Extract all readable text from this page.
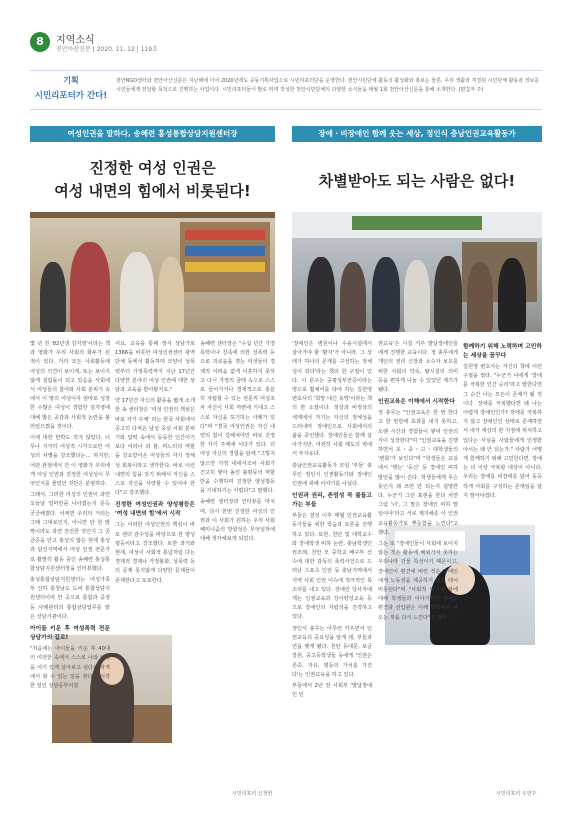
8	지역소식
천안아산신문 | 2020. 11. 12 | 119호
기획
시민리포터가 간다!
천안NGO센터와 천안아산신문은 지난해에 이어 2020년에도 공동기획사업으로 시민리포터단을 운영한다. 천안시민단체 활동의 활성화와 홍보는 물론, 우리 생활과 직결된 시민단체 활동과 정보를 시민들에게 전달할 목적으로 진행하는 사업이다. 시민리포터들이 발로 뛰며 작성한 천안시민단체의 다양한 소식들을 매월 1회 천안아산신문을 통해 소개한다. (편집자 주)
여성인권을 말하다, 송혜련 홍성통합상담지원센터장	장애・비장애인 함께 웃는 세상, 정인식 충남인권교육활동가
진정한 여성 인권은
여성 내면의 힘에서 비롯된다!
차별받아도 되는 사람은 없다!

몇 년 전 '82년생 김지영'이라는 책과 영화가 우리 사회의 화두가 된 적이 있다. 거의 모든 사회활동에 여성의 의견이 보이게, 또는 보이지 않게 걸림돌이 되고 있음을 사회에서 여성들의 참여와 사회 분위기 속에서 이 땅의 여성이자 엄마로 성장한 수많은 여성이 경험한 김지영에 대해 많은 공감과 사회적 논란을 불러일으켰을 것이다.

이에 대한 반박도 적지 않았다. 너무나 지극히 여성적 시각으로만 여성의 차별을 강조했다는… 하지만, 어떤 관점에서 건 이 영화가 우리에게 여성 인권과 진정한 여성성이 무엇인지를 물었던 것만은 분명하다.

그래서, 그러한 여성의 인권이 과연 오늘날 얼마만큼 나아졌는지 문득 궁금해졌다. 어쩌면 우리의 거리는 그때 그대로인지, 아니면 단 한 발짝이라도 과연 전진한 것인지 그 궁금증을 안고 홍성의 많은 현재 홍성과 담진지역에서 여성 인권 전문가로 활발히 활동 중인 송혜련 홍성통합상담지원센터장을 인터뷰했다.

홍성통합상담지원센터는 여성가족부 산하 충청남도 도비 통합상담지원센터이며 한 곳으로 통합과 공정 등 사례관리의 통합상담업무를 맡은 상담기관이다.

아이들 키운 후 여성폭력 전문 상담가의 길로!

"처음에는 아이들을 키운 후 40대의 여전한 속에서 스스로 나와 인생을 여기 있게 살아보고 싶다는 자격에서 할 수 있는 일을 찾다가 시작한 일인 상담공부이었

어요, 교육을 통해 정식 상담가로 1366을 비롯한 여성인권센터 광역단체 등에서 활동하며 모양이 성폭력부터 가정폭력까지 지난 17년간 다양한 분야의 여성 인권에 대한 상담과 교육을 받아왔지요."

약 17년간 자신의 활동을 짧게 소개한 송 센터장은 '여성 인권의 핵심은 바로 자기 주체' 라는 한국 사회에서 공고히 다져온 남성 중심 사회 분위기와 압력 속에서 동등한 인간이기보다 여러나 외 할, 며느리의 역할을 강요받아온 여성들의 자기 정체성 회복이라고 생각한다. 바로 이런 내면의 힘을 갖기 위해서 자신을 스스로 자신을 사랑할 수 있어야 한다"고 강조했다.

진정한 여성인권과 양성평등은 '여성 내면의 힘'에서 시작

그는 이러한 여성인권의 핵심이 바로 젠더 감수성을 바탕으로 한 양성평등이라고 강조했다. 또한 과거와 현재, 여성이 사회적 통념처럼 다는 경제적 경제나 가정불화, 성폭력 등의 문제 못지않게 다양한 문제들이 존재한다고 토로한다.

송혜련 센터장은 "수십 년간 가정폭력이나 친족에 의한 성폭력 등으로 괴로움을 겪는 여성들이 경제적 어려움 없게 이혼하지 못하고 다시 가정의 굴레 속으로 스스로 들어가거나 경제적으로 충분히 자립할 수 있는 전문직 여성조차 자신이 사회 저변에 기대고 스스로 자신을 포기하는 사례가 있다"며 "결국 여성인권은 자신 내면의 힘이 강해져야만 바로 진정한 자기 주체에 서다가 있다. 더 여성 자신의 경험을 담에 "그렇지 않으면 가정 내에서조차 사회가 건고히 쌓아 올린 불평등의 역할만을 수행하며 진정한 양성평등을 기대하기는 어렵다"고 말했다.

송혜련 센터장과 인터뷰를 마치며, 다시 한번 진정한 여성의 인권과 이 사회가 원하는 우리 사회 페미니즘의 방향성은 무엇일까에 대해 생각해보게 되었다.

시민리포터 신정헌

'장애인은 병원이나 수용시설에서 살아가야 할 '환자'가 아니라, 그 상태가 하나의 존재를 구성하는 정체성이 되다'라는 책의 한 구절이 있다. 이 문구는 공평성부전증이라는 병으로 휠체어를 타야 하는 김원영 변호사의 '희망 대신 욕망'이라는 책의 한 소절이다. 정상과 비정상의 세계에서 자기는 자신의 정체성을 드러내며 장애인으로 사회에서의 삶을 증언했다. 장애인들은 함께 살아가지만, 여전히 사회 제도의 벽에서 부자유다.

충남인권교육활동가 모임 '부들' 총무인 정인식 인권활동가와 장애인 인권에 대해 이야기를 나눴다.

인권과 권리, 존엄성 꼭 불들고 가는 부들

부들은 결성 이후 매월 인권교육활동가들을 위한 학습과 토론을 진행하고 있다. 또한, 천안 및 대학교수와 장애학생 비하 논란, 충남학생인권조례, 천안 모 중학교 배구부 선수에 대한 감독의 폭력사건으로 드러난 스포츠 인권 등 충남지역에서 지역 사회 인권 이슈에 적극적인 목소리를 내고 있다. 장애인 당사자에게는 인권교육과 강사양성교육 등으로 장애인의 자립성을 진작하고 있다.

정인식 총무는 아무런 키우면서 인권교육의 중요성을 알게 돼, 부들과 연을 맺게 됐다. 천안 동대문, 보금장원, 중고등학생들 등에게 '인권은 존중, 자유, 평등의 가치를 가진다'는 인권교육을 하고 있다.

부들에서 2년 전 사회부 '발달장애인 인

권교육'은 시설 거주 발달장애인들에게 진행한 교육이다. 정 총무에게 개인의 권리 신장과 소수자 보호를 위한 사회의 약속, 탈시설의 의미 등을 편하게 나눌 수 있었던 계기가 됐다.

인권교육은 이해에서 시작한다

정 총무는 "인권교육은 한 번 한다고 한 번만에 효과를 내지 못하고, 오랜 시간과 경험들이 쌓여 인권의식이 성장한다"며 "인권교육을 진행하면서 초・중・고・대학생들의 '변화'가 보인다"며 "학생들은 교실에서 '행는' '등신' 등 장애인 비하 발언을 많이 쓴다. 학생들에게 무슨 뜻인지 왜 쓰면 안 되는지 설명한다. 누군가 그런 표현을 한다 치면 그럼 '너', 그 말은 장애인 비하 말 일이야'라고 서로 제지해준 이 인권교육활동가로 뿌듯함을 느낀다"고 했다.

그는 또 "장애인들이 사회에 보이지 않는 것은 활동에 배워가지 못하는 우리나라 건물 특성이기 때문이고, 장애인이 편견에 버린 것은 장애인에게 노동권을 제공하지 않은 데서 비롯된다"며 "사회적 약자의 삶에 대해 학생들과 이야기하면 장애인 편견과 선입관은 이해 부족에서 나오는 것을 다시 느낀다"고 했다.

함께하기 위해 노력하며 고민하는 세상을 꿈꾸다

김원영 변호사는 자신의 책에 이런 구절을 썼다. "누군가 나에게 '장애를 극복한 인간 승리'라고 말한다면 그 순간 나는 모든이 존재가 될 것이다. 장애를 극복했다면 왜 나는 어렵게 장애인인가? 장애를 극복하지 않고 장애인인 상태로 존재하면서 내가 세상의 한 지점에 위치하고 있다는 사실을 사람들에게 인정받아서는 왜 안 되는가." 사람가 어떻게 함께하기 위해 고민한다면, 장애는 더 이상 극복할 대상이 아니다. 우리는 장애를 비장애를 넘어 동등하게 사회를 구성하는 존재임을 알지 말아야겠다.

시민리포터 우연주
